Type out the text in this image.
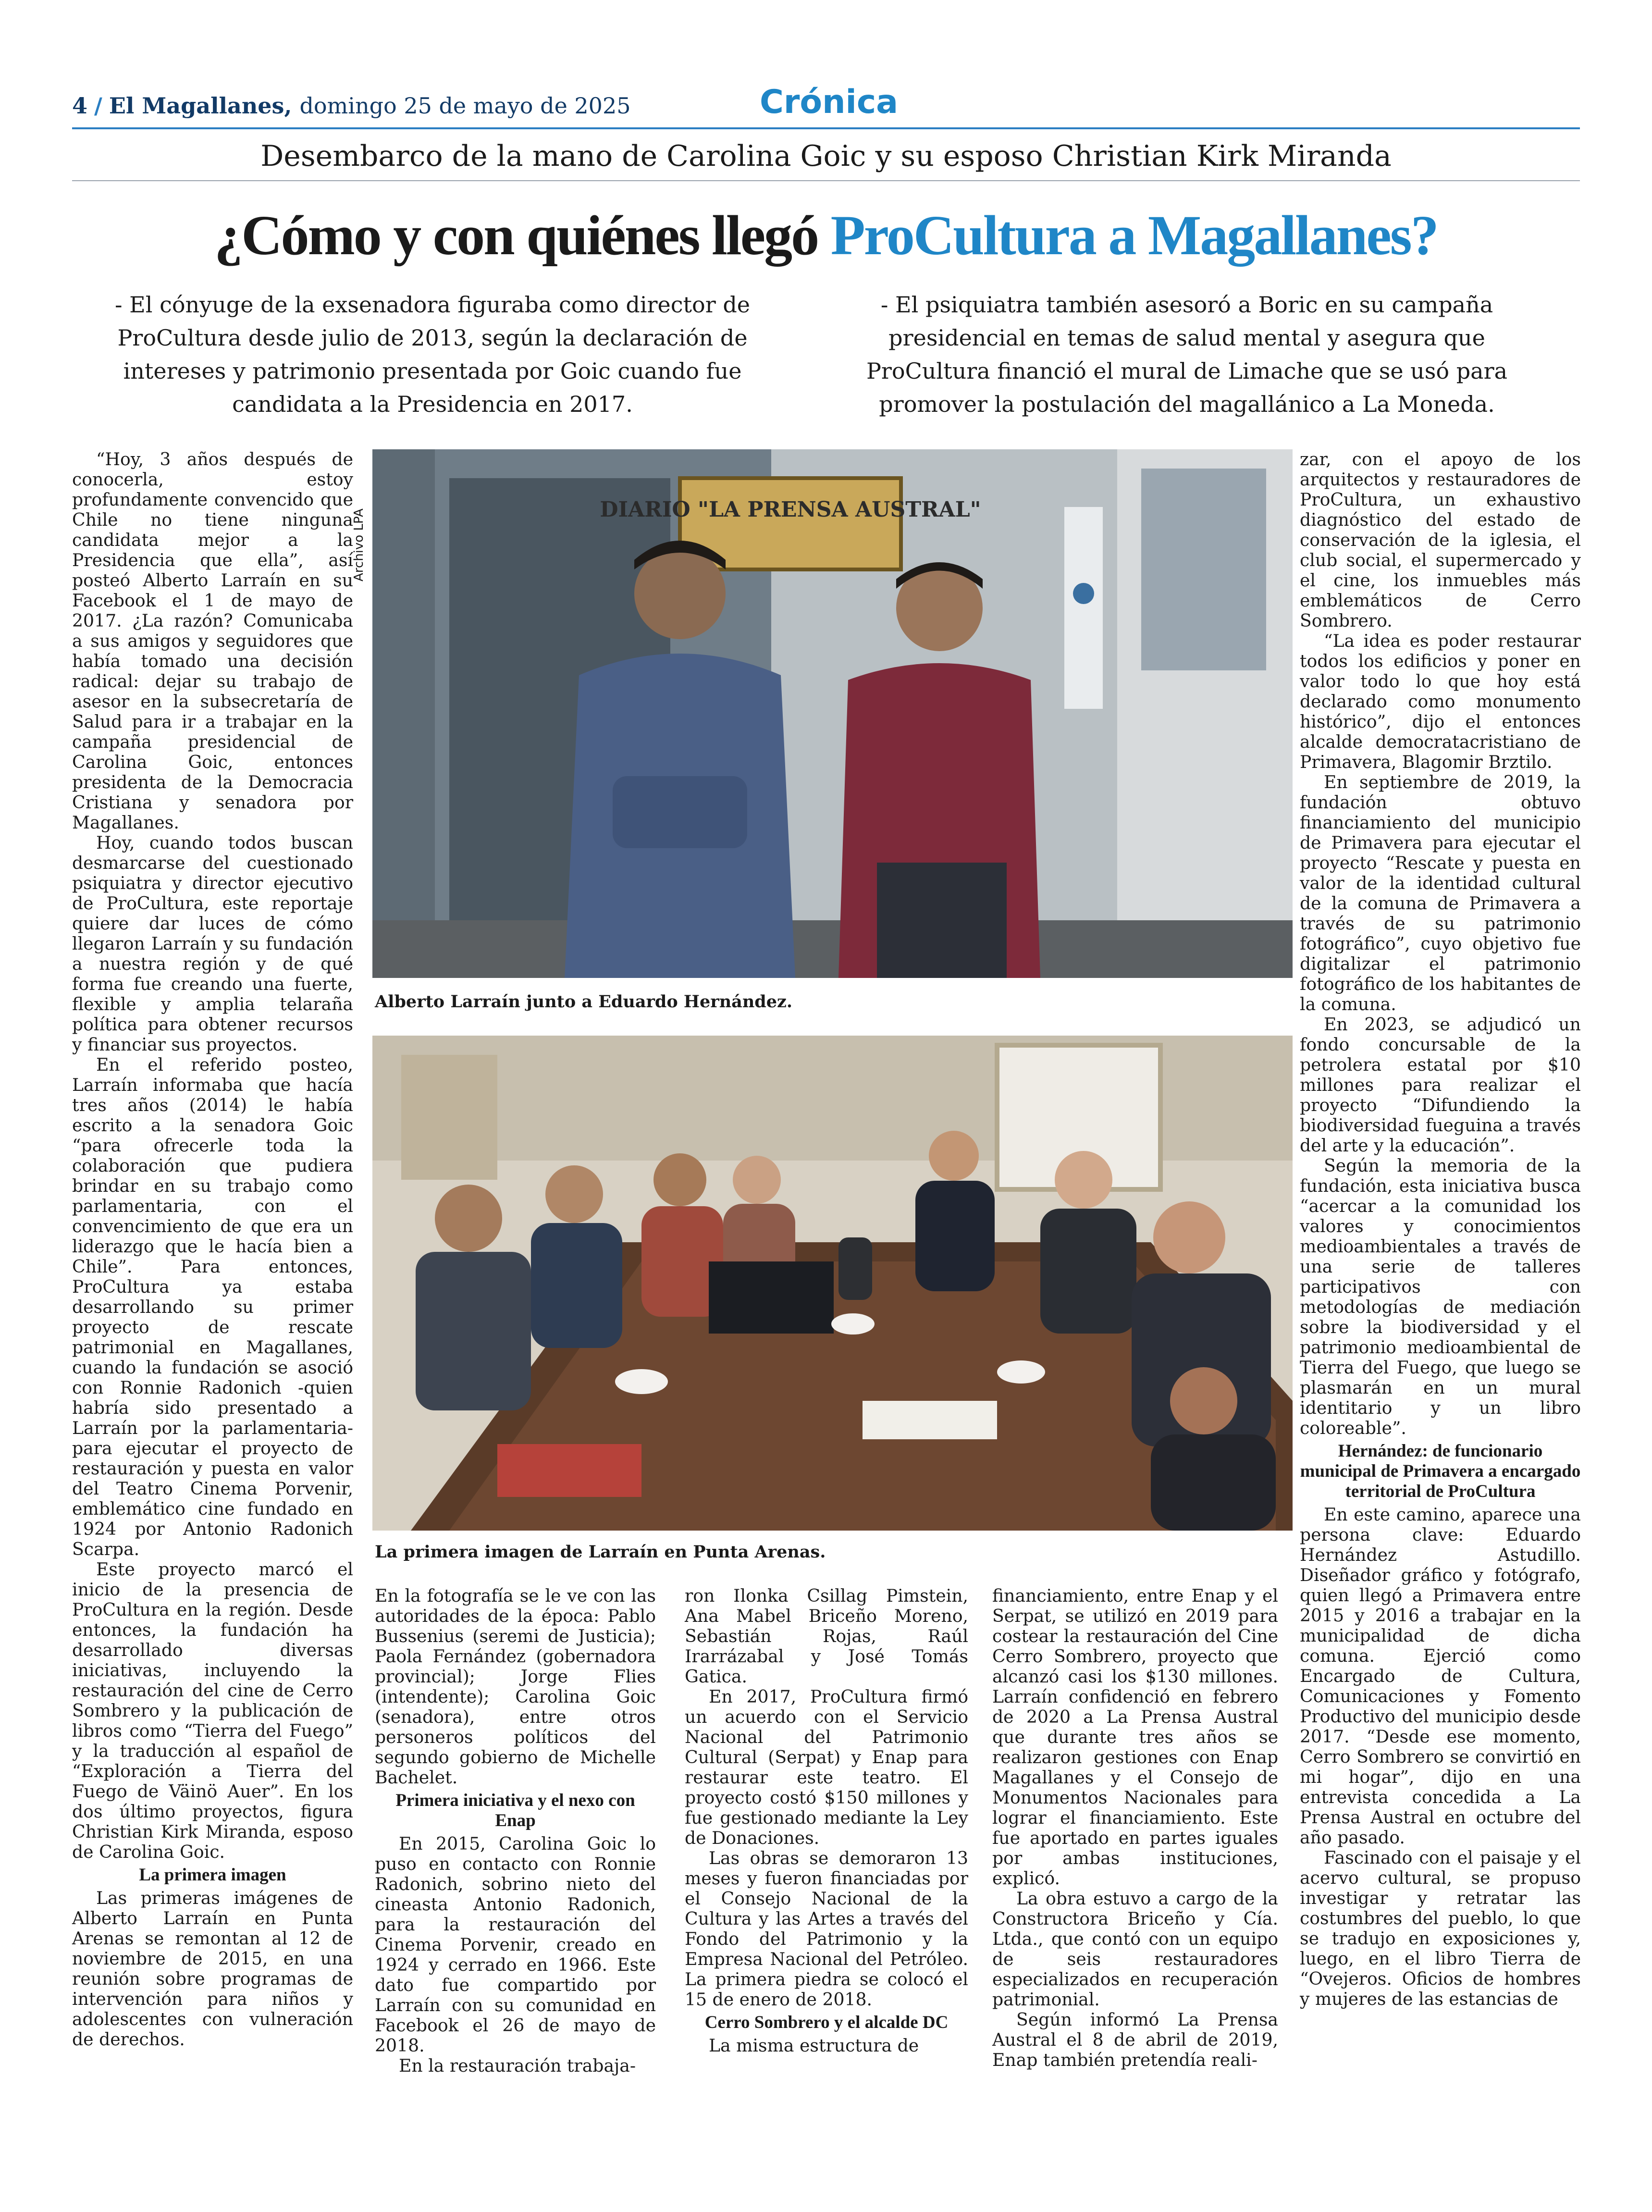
4 / El Magallanes, domingo 25 de mayo de 2025	Crónica
Desembarco de la mano de Carolina Goic y su esposo Christian Kirk Miranda
¿Cómo y con quiénes llegó ProCultura a Magallanes?
- El cónyuge de la exsenadora figuraba como director de ProCultura desde julio de 2013, según la declaración de intereses y patrimonio presentada por Goic cuando fue candidata a la Presidencia en 2017.
- El psiquiatra también asesoró a Boric en su campaña presidencial en temas de salud mental y asegura que ProCultura financió el mural de Limache que se usó para promover la postulación del magallánico a La Moneda.

“Hoy, 3 años después de conocerla, estoy profundamente convencido que Chile no tiene ninguna candidata mejor a la Presidencia que ella”, así posteó Alberto Larraín en su Facebook el 1 de mayo de 2017. ¿La razón? Comunicaba a sus amigos y seguidores que había tomado una decisión radical: dejar su trabajo de asesor en la subsecretaría de Salud para ir a trabajar en la campaña presidencial de Carolina Goic, entonces presidenta de la Democracia Cristiana y senadora por Magallanes.

Hoy, cuando todos buscan desmarcarse del cuestionado psiquiatra y director ejecutivo de ProCultura, este reportaje quiere dar luces de cómo llegaron Larraín y su fundación a nuestra región y de qué forma fue creando una fuerte, flexible y amplia telaraña política para obtener recursos y financiar sus proyectos.

En el referido posteo, Larraín informaba que hacía tres años (2014) le había escrito a la senadora Goic “para ofrecerle toda la colaboración que pudiera brindar en su trabajo como parlamentaria, con el convencimiento de que era un liderazgo que le hacía bien a Chile”. Para entonces, ProCultura ya estaba desarrollando su primer proyecto de rescate patrimonial en Magallanes, cuando la fundación se asoció con Ronnie Radonich -quien habría sido presentado a Larraín por la parlamentaria- para ejecutar el proyecto de restauración y puesta en valor del Teatro Cinema Porvenir, emblemático cine fundado en 1924 por Antonio Radonich Scarpa.

Este proyecto marcó el inicio de la presencia de ProCultura en la región. Desde entonces, la fundación ha desarrollado diversas iniciativas, incluyendo la restauración del cine de Cerro Sombrero y la publicación de libros como “Tierra del Fuego” y la traducción al español de “Exploración a Tierra del Fuego de Väinö Auer”. En los dos último proyectos, figura Christian Kirk Miranda, esposo de Carolina Goic.

La primera imagen

Las primeras imágenes de Alberto Larraín en Punta Arenas se remontan al 12 de noviembre de 2015, en una reunión sobre programas de intervención para niños y adolescentes con vulneración de derechos.

Archivo LPA	DIARIO "LA PRENSA AUSTRAL"
Alberto Larraín junto a Eduardo Hernández.
La primera imagen de Larraín en Punta Arenas.

En la fotografía se le ve con las autoridades de la época: Pablo Bussenius (seremi de Justicia); Paola Fernández (gobernadora provincial); Jorge Flies (intendente); Carolina Goic (senadora), entre otros personeros políticos del segundo gobierno de Michelle Bachelet.

Primera iniciativa y el nexo con Enap

En 2015, Carolina Goic lo puso en contacto con Ronnie Radonich, sobrino nieto del cineasta Antonio Radonich, para la restauración del Cinema Porvenir, creado en 1924 y cerrado en 1966. Este dato fue compartido por Larraín con su comunidad en Facebook el 26 de mayo de 2018.

En la restauración trabaja-

ron Ilonka Csillag Pimstein, Ana Mabel Briceño Moreno, Sebastián Rojas, Raúl Irarrázabal y José Tomás Gatica.

En 2017, ProCultura firmó un acuerdo con el Servicio Nacional del Patrimonio Cultural (Serpat) y Enap para restaurar este teatro. El proyecto costó $150 millones y fue gestionado mediante la Ley de Donaciones.

Las obras se demoraron 13 meses y fueron financiadas por el Consejo Nacional de la Cultura y las Artes a través del Fondo del Patrimonio y la Empresa Nacional del Petróleo. La primera piedra se colocó el 15 de enero de 2018.

Cerro Sombrero y el alcalde DC

La misma estructura de

financiamiento, entre Enap y el Serpat, se utilizó en 2019 para costear la restauración del Cine Cerro Sombrero, proyecto que alcanzó casi los $130 millones. Larraín confidenció en febrero de 2020 a La Prensa Austral que durante tres años se realizaron gestiones con Enap Magallanes y el Consejo de Monumentos Nacionales para lograr el financiamiento. Este fue aportado en partes iguales por ambas instituciones, explicó.

La obra estuvo a cargo de la Constructora Briceño y Cía. Ltda., que contó con un equipo de seis restauradores especializados en recuperación patrimonial.

Según informó La Prensa Austral el 8 de abril de 2019, Enap también pretendía reali-

zar, con el apoyo de los arquitectos y restauradores de ProCultura, un exhaustivo diagnóstico del estado de conservación de la iglesia, el club social, el supermercado y el cine, los inmuebles más emblemáticos de Cerro Sombrero.

“La idea es poder restaurar todos los edificios y poner en valor todo lo que hoy está declarado como monumento histórico”, dijo el entonces alcalde democratacristiano de Primavera, Blagomir Brztilo.

En septiembre de 2019, la fundación obtuvo financiamiento del municipio de Primavera para ejecutar el proyecto “Rescate y puesta en valor de la identidad cultural de la comuna de Primavera a través de su patrimonio fotográfico”, cuyo objetivo fue digitalizar el patrimonio fotográfico de los habitantes de la comuna.

En 2023, se adjudicó un fondo concursable de la petrolera estatal por $10 millones para realizar el proyecto “Difundiendo la biodiversidad fueguina a través del arte y la educación”.

Según la memoria de la fundación, esta iniciativa busca “acercar a la comunidad los valores y conocimientos medioambientales a través de una serie de talleres participativos con metodologías de mediación sobre la biodiversidad y el patrimonio medioambiental de Tierra del Fuego, que luego se plasmarán en un mural identitario y un libro coloreable”.

Hernández: de funcionario municipal de Primavera a encargado territorial de ProCultura

En este camino, aparece una persona clave: Eduardo Hernández Astudillo. Diseñador gráfico y fotógrafo, quien llegó a Primavera entre 2015 y 2016 a trabajar en la municipalidad de dicha comuna. Ejerció como Encargado de Cultura, Comunicaciones y Fomento Productivo del municipio desde 2017. “Desde ese momento, Cerro Sombrero se convirtió en mi hogar”, dijo en una entrevista concedida a La Prensa Austral en octubre del año pasado.

Fascinado con el paisaje y el acervo cultural, se propuso investigar y retratar las costumbres del pueblo, lo que se tradujo en exposiciones y, luego, en el libro Tierra de “Ovejeros. Oficios de hombres y mujeres de las estancias de
